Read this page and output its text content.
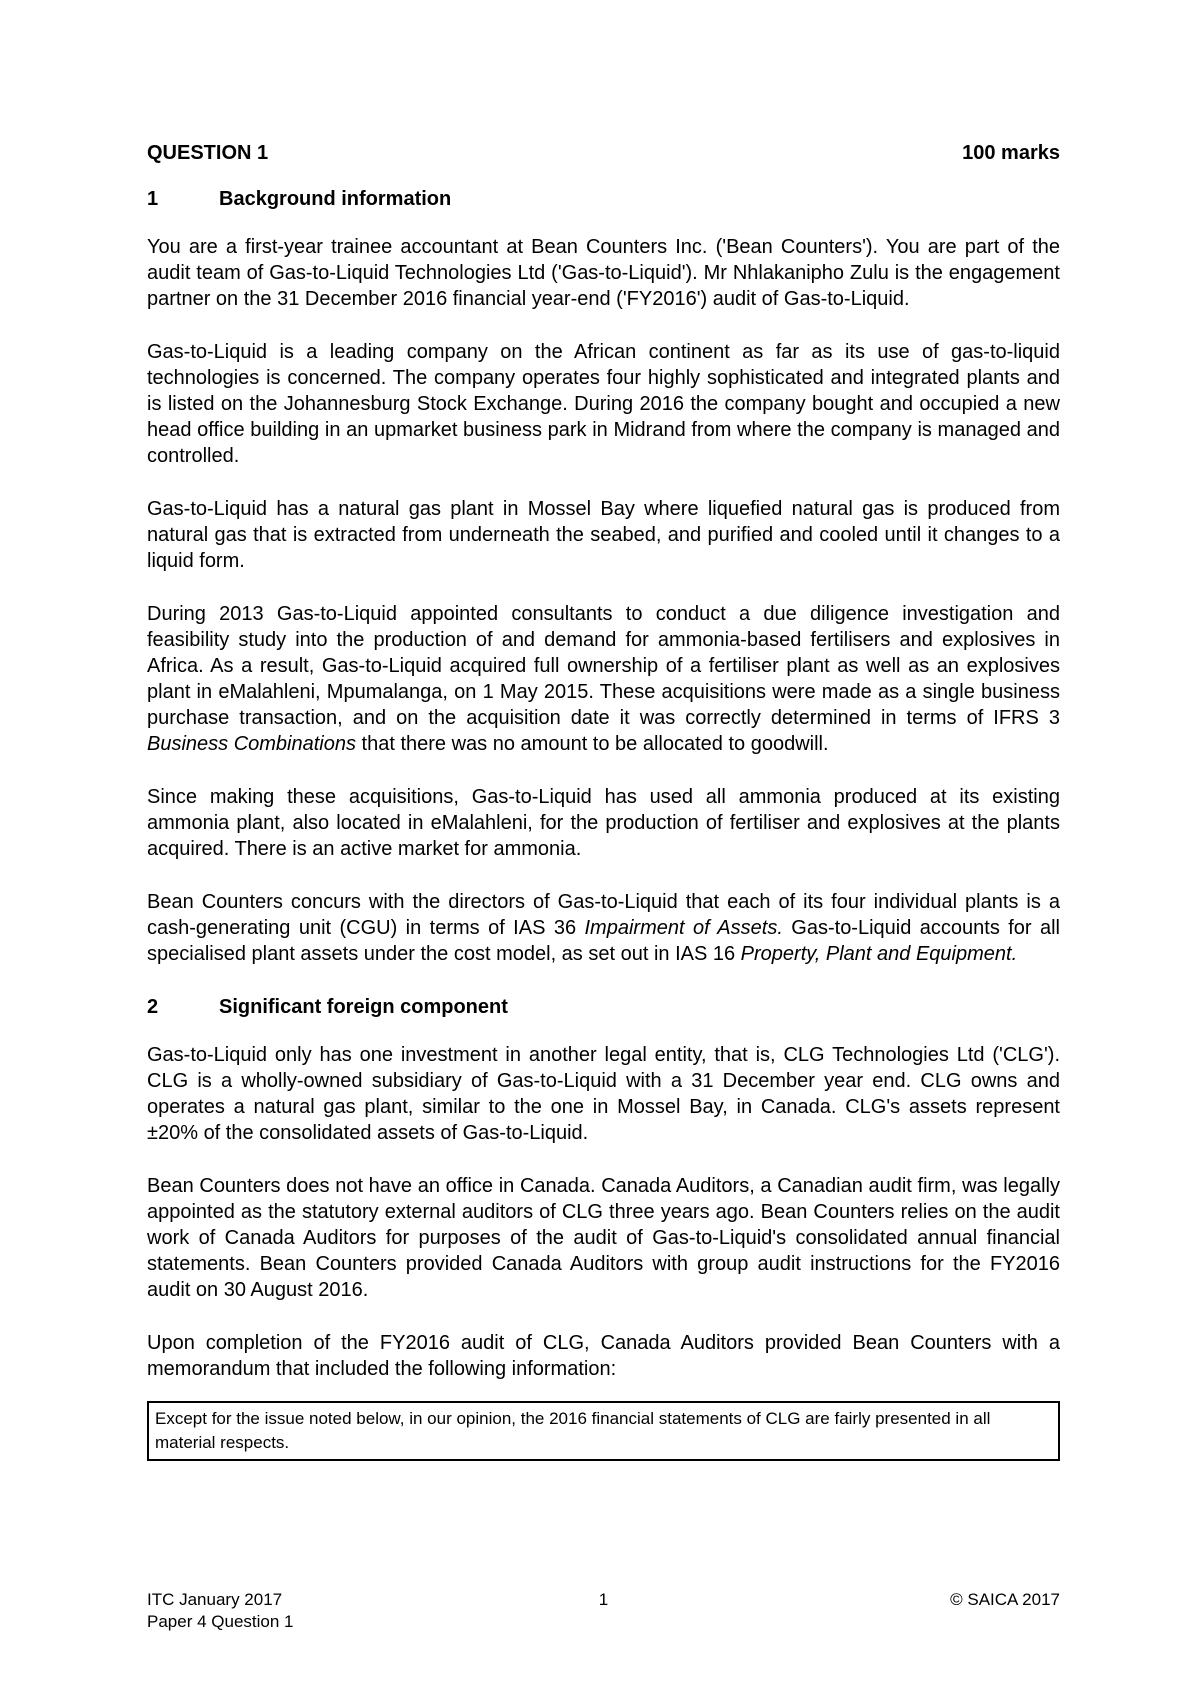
QUESTION 1	100 marks
1	Background information

You are a first-year trainee accountant at Bean Counters Inc. ('Bean Counters'). You are part of the audit team of Gas-to-Liquid Technologies Ltd ('Gas-to-Liquid'). Mr Nhlakanipho Zulu is the engagement partner on the 31 December 2016 financial year-end ('FY2016') audit of Gas-to-Liquid.

Gas-to-Liquid is a leading company on the African continent as far as its use of gas-to-liquid technologies is concerned. The company operates four highly sophisticated and integrated plants and is listed on the Johannesburg Stock Exchange. During 2016 the company bought and occupied a new head office building in an upmarket business park in Midrand from where the company is managed and controlled.

Gas-to-Liquid has a natural gas plant in Mossel Bay where liquefied natural gas is produced from natural gas that is extracted from underneath the seabed, and purified and cooled until it changes to a liquid form.

During 2013 Gas-to-Liquid appointed consultants to conduct a due diligence investigation and feasibility study into the production of and demand for ammonia-based fertilisers and explosives in Africa. As a result, Gas-to-Liquid acquired full ownership of a fertiliser plant as well as an explosives plant in eMalahleni, Mpumalanga, on 1 May 2015. These acquisitions were made as a single business purchase transaction, and on the acquisition date it was correctly determined in terms of IFRS 3 Business Combinations that there was no amount to be allocated to goodwill.

Since making these acquisitions, Gas-to-Liquid has used all ammonia produced at its existing ammonia plant, also located in eMalahleni, for the production of fertiliser and explosives at the plants acquired. There is an active market for ammonia.

Bean Counters concurs with the directors of Gas-to-Liquid that each of its four individual plants is a cash-generating unit (CGU) in terms of IAS 36 Impairment of Assets. Gas-to-Liquid accounts for all specialised plant assets under the cost model, as set out in IAS 16 Property, Plant and Equipment.

2	Significant foreign component

Gas-to-Liquid only has one investment in another legal entity, that is, CLG Technologies Ltd ('CLG'). CLG is a wholly-owned subsidiary of Gas-to-Liquid with a 31 December year end. CLG owns and operates a natural gas plant, similar to the one in Mossel Bay, in Canada. CLG's assets represent ±20% of the consolidated assets of Gas-to-Liquid.

Bean Counters does not have an office in Canada. Canada Auditors, a Canadian audit firm, was legally appointed as the statutory external auditors of CLG three years ago. Bean Counters relies on the audit work of Canada Auditors for purposes of the audit of Gas-to-Liquid's consolidated annual financial statements. Bean Counters provided Canada Auditors with group audit instructions for the FY2016 audit on 30 August 2016.

Upon completion of the FY2016 audit of CLG, Canada Auditors provided Bean Counters with a memorandum that included the following information:

Except for the issue noted below, in our opinion, the 2016 financial statements of CLG are fairly presented in all material respects.
ITC January 2017	1	© SAICA 2017
Paper 4 Question 1
